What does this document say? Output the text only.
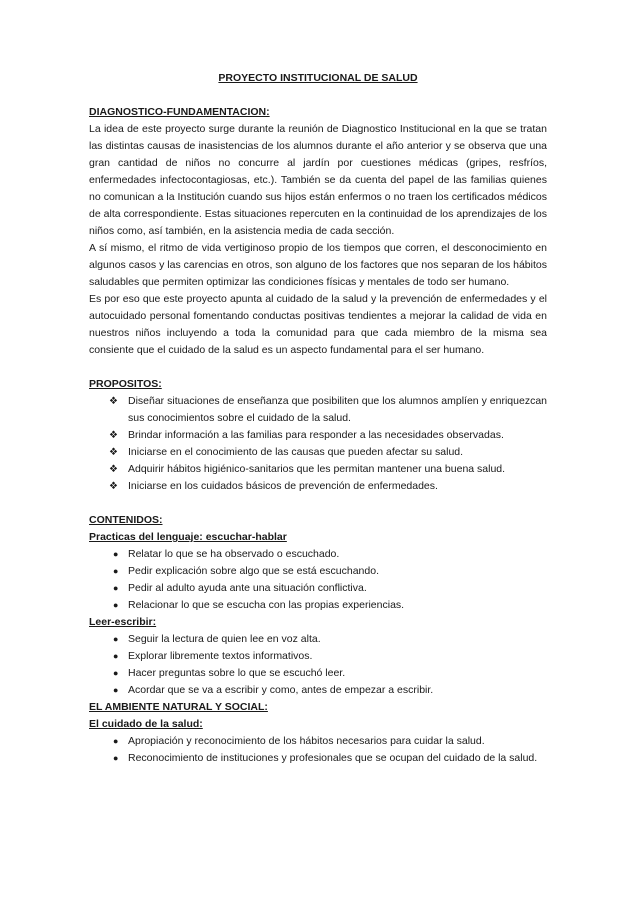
PROYECTO INSTITUCIONAL DE SALUD
DIAGNOSTICO-FUNDAMENTACION:
La idea de este proyecto surge durante la reunión de Diagnostico Institucional en la que se tratan las distintas causas de inasistencias de los alumnos durante el año anterior y se observa que una gran cantidad de niños no concurre al jardín por cuestiones médicas (gripes, resfríos, enfermedades infectocontagiosas, etc.). También se da cuenta del papel de las familias quienes no comunican a la Institución cuando sus hijos están enfermos o no traen los certificados médicos de alta correspondiente. Estas situaciones repercuten en la continuidad de los aprendizajes de los niños como, así también, en la asistencia media de cada sección.
A sí mismo, el ritmo de vida vertiginoso propio de los tiempos que corren, el desconocimiento en algunos casos y las carencias en otros, son alguno de los factores que nos separan de los hábitos saludables que permiten optimizar las condiciones físicas y mentales de todo ser humano.
Es por eso que este proyecto apunta al cuidado de la salud y la prevención de enfermedades y el autocuidado personal fomentando conductas positivas tendientes a mejorar la calidad de vida en nuestros niños incluyendo a toda la comunidad para que cada miembro de la misma sea consiente que el cuidado de la salud es un aspecto fundamental para el ser humano.
PROPOSITOS:
❖ Diseñar situaciones de enseñanza que posibiliten que los alumnos amplíen y enriquezcan sus conocimientos sobre el cuidado de la salud.
❖ Brindar información a las familias para responder a las necesidades observadas.
❖ Iniciarse en el conocimiento de las causas que pueden afectar su salud.
❖ Adquirir hábitos higiénico-sanitarios que les permitan mantener una buena salud.
❖ Iniciarse en los cuidados básicos de prevención de enfermedades.
CONTENIDOS:
Practicas del lenguaje: escuchar-hablar
● Relatar lo que se ha observado o escuchado.
● Pedir explicación sobre algo que se está escuchando.
● Pedir al adulto ayuda ante una situación conflictiva.
● Relacionar lo que se escucha con las propias experiencias.
Leer-escribir:
● Seguir la lectura de quien lee en voz alta.
● Explorar libremente textos informativos.
● Hacer preguntas sobre lo que se escuchó leer.
● Acordar que se va a escribir y como, antes de empezar a escribir.
EL AMBIENTE NATURAL Y SOCIAL:
El cuidado de la salud:
● Apropiación y reconocimiento de los hábitos necesarios para cuidar la salud.
● Reconocimiento de instituciones y profesionales que se ocupan del cuidado de la salud.
